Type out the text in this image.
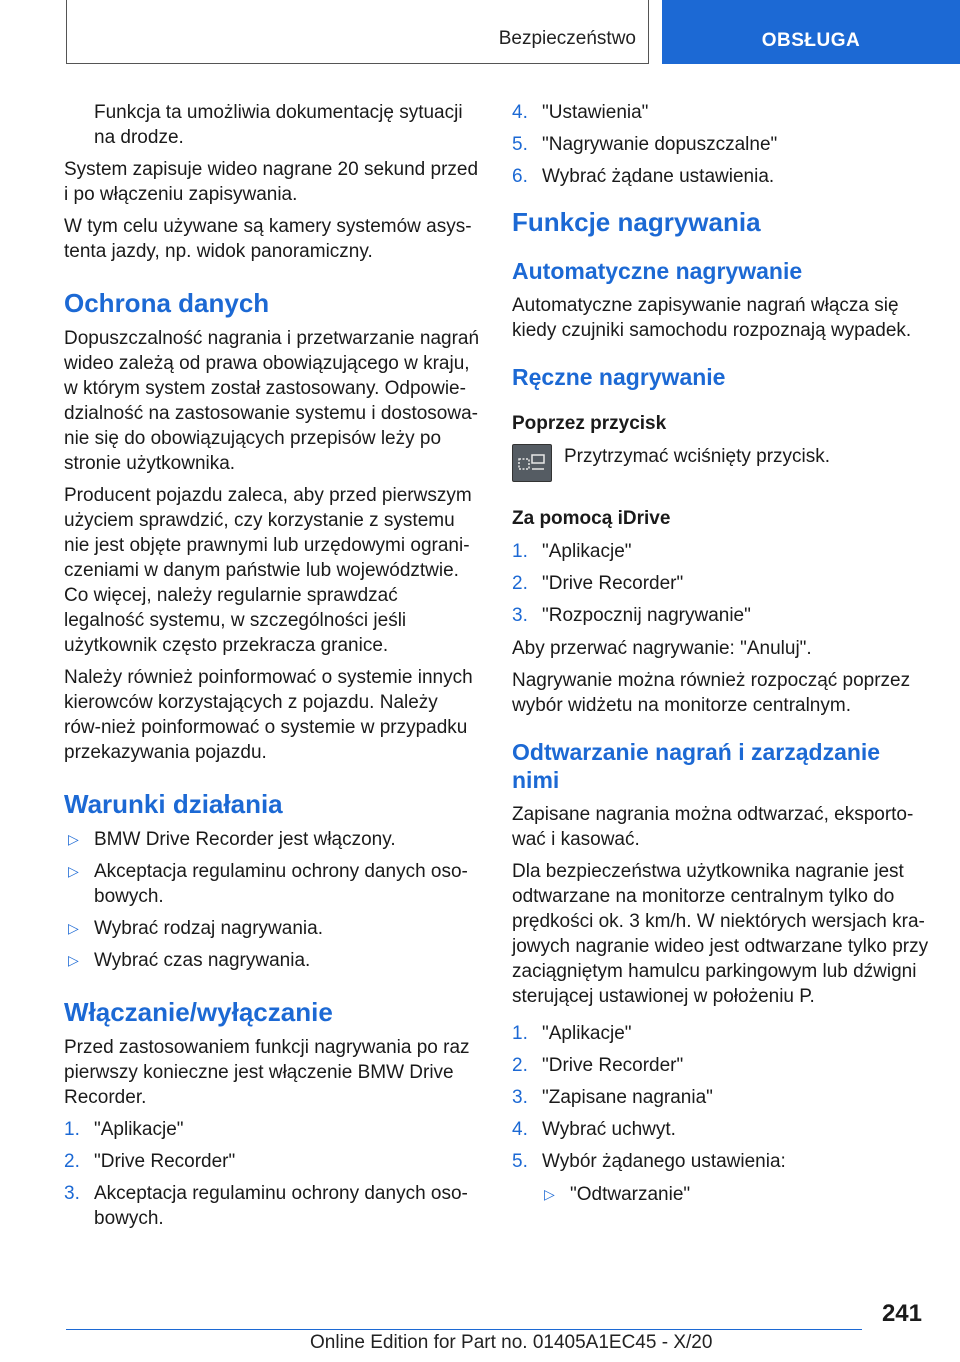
Bezpieczeństwo	OBSŁUGA

Funkcja ta umożliwia dokumentację sytuacji na drodze.

System zapisuje wideo nagrane 20 sekund przed i po włączeniu zapisywania.

W tym celu używane są kamery systemów asys-tenta jazdy, np. widok panoramiczny.

Ochrona danych

Dopuszczalność nagrania i przetwarzanie nagrań wideo zależą od prawa obowiązującego w kraju, w którym system został zastosowany. Odpowie-dzialność na zastosowanie systemu i dostosowa-nie się do obowiązujących przepisów leży po stronie użytkownika.

Producent pojazdu zaleca, aby przed pierwszym użyciem sprawdzić, czy korzystanie z systemu nie jest objęte prawnymi lub urzędowymi ograni-czeniami w danym państwie lub województwie. Co więcej, należy regularnie sprawdzać legalność systemu, w szczególności jeśli użytkownik często przekracza granice.

Należy również poinformować o systemie innych kierowców korzystających z pojazdu. Należy rów-nież poinformować o systemie w przypadku przekazywania pojazdu.

Warunki działania
▷ BMW Drive Recorder jest włączony.
▷ Akceptacja regulaminu ochrony danych oso-bowych.
▷ Wybrać rodzaj nagrywania.
▷ Wybrać czas nagrywania.
Włączanie/wyłączanie

Przed zastosowaniem funkcji nagrywania po raz pierwszy konieczne jest włączenie BMW Drive Recorder.

1. "Aplikacje"
2. "Drive Recorder"
3. Akceptacja regulaminu ochrony danych oso-bowych.
4. "Ustawienia"
5. "Nagrywanie dopuszczalne"
6. Wybrać żądane ustawienia.
Funkcje nagrywania
Automatyczne nagrywanie

Automatyczne zapisywanie nagrań włącza się kiedy czujniki samochodu rozpoznają wypadek.

Ręczne nagrywanie
Poprzez przycisk
Przytrzymać wciśnięty przycisk.
Za pomocą iDrive
1. "Aplikacje"
2. "Drive Recorder"
3. "Rozpocznij nagrywanie"

Aby przerwać nagrywanie: "Anuluj".

Nagrywanie można również rozpocząć poprzez wybór widżetu na monitorze centralnym.

Odtwarzanie nagrań i zarządzanie nimi

Zapisane nagrania można odtwarzać, eksporto-wać i kasować.

Dla bezpieczeństwa użytkownika nagranie jest odtwarzane na monitorze centralnym tylko do prędkości ok. 3 km/h. W niektórych wersjach kra-jowych nagranie wideo jest odtwarzane tylko przy zaciągniętym hamulcu parkingowym lub dźwigni sterującej ustawionej w położeniu P.

1. "Aplikacje"
2. "Drive Recorder"
3. "Zapisane nagrania"
4. Wybrać uchwyt.
5. Wybór żądanego ustawienia:
▷ "Odtwarzanie"
241
Online Edition for Part no. 01405A1EC45 - X/20
